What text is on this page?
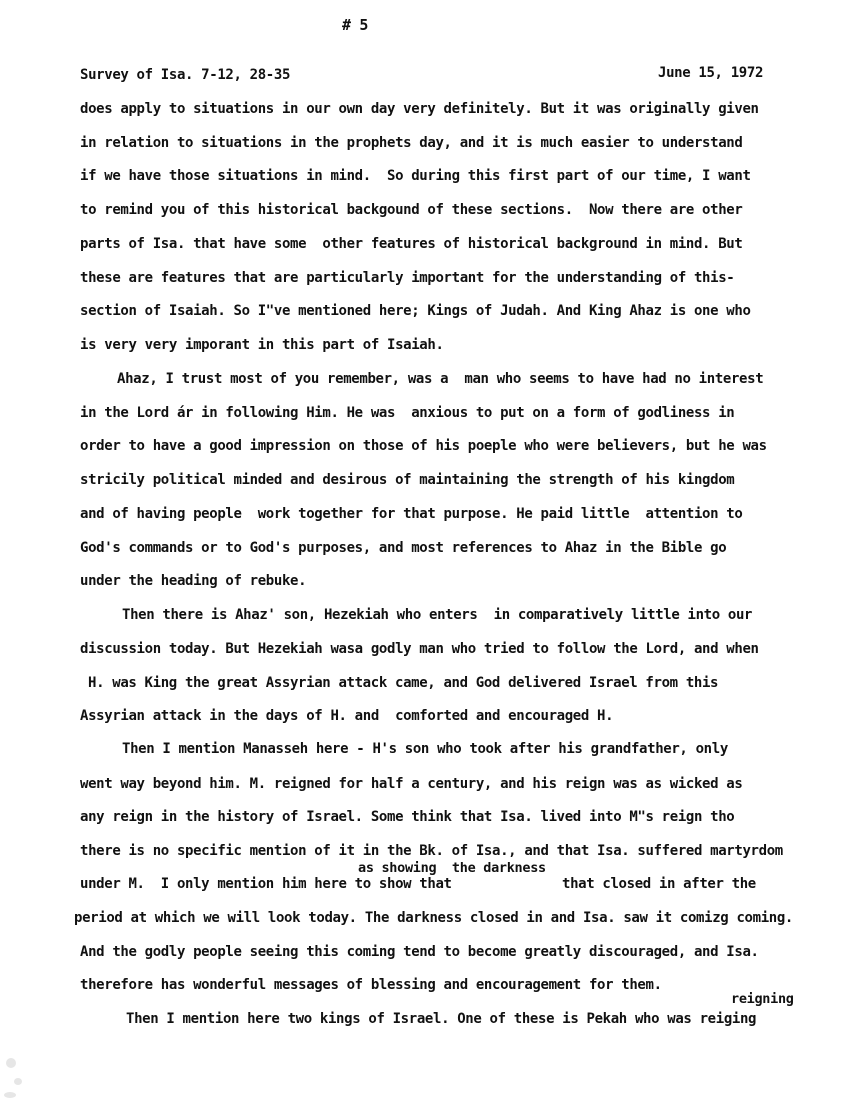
# 5
Survey of Isa. 7-12, 28-35	June 15, 1972
does apply to situations in our own day very definitely. But it was originally given
in relation to situations in the prophets day, and it is much easier to understand
if we have those situations in mind.  So during this first part of our time, I want
to remind you of this historical backgound of these sections.  Now there are other
parts of Isa. that have some  other features of historical background in mind. But
these are features that are particularly important for the understanding of this-
section of Isaiah. So I"ve mentioned here; Kings of Judah. And King Ahaz is one who
is very very imporant in this part of Isaiah.
Ahaz, I trust most of you remember, was a  man who seems to have had no interest
in the Lord ár in following Him. He was  anxious to put on a form of godliness in
order to have a good impression on those of his poeple who were believers, but he was
stricily political minded and desirous of maintaining the strength of his kingdom
and of having people  work together for that purpose. He paid little  attention to
God's commands or to God's purposes, and most references to Ahaz in the Bible go
under the heading of rebuke.
Then there is Ahaz' son, Hezekiah who enters  in comparatively little into our
discussion today. But Hezekiah wasa godly man who tried to follow the Lord, and when
H. was King the great Assyrian attack came, and God delivered Israel from this
Assyrian attack in the days of H. and  comforted and encouraged H.
Then I mention Manasseh here - H's son who took after his grandfather, only
went way beyond him. M. reigned for half a century, and his reign was as wicked as
any reign in the history of Israel. Some think that Isa. lived into M"s reign tho
there is no specific mention of it in the Bk. of Isa., and that Isa. suffered martyrdom
as showing  the darkness
under M.  I only mention him here to show that	that closed in after the
period at which we will look today. The darkness closed in and Isa. saw it comizg coming.
And the godly people seeing this coming tend to become greatly discouraged, and Isa.
therefore has wonderful messages of blessing and encouragement for them.
reigning
Then I mention here two kings of Israel. One of these is Pekah who was reiging
